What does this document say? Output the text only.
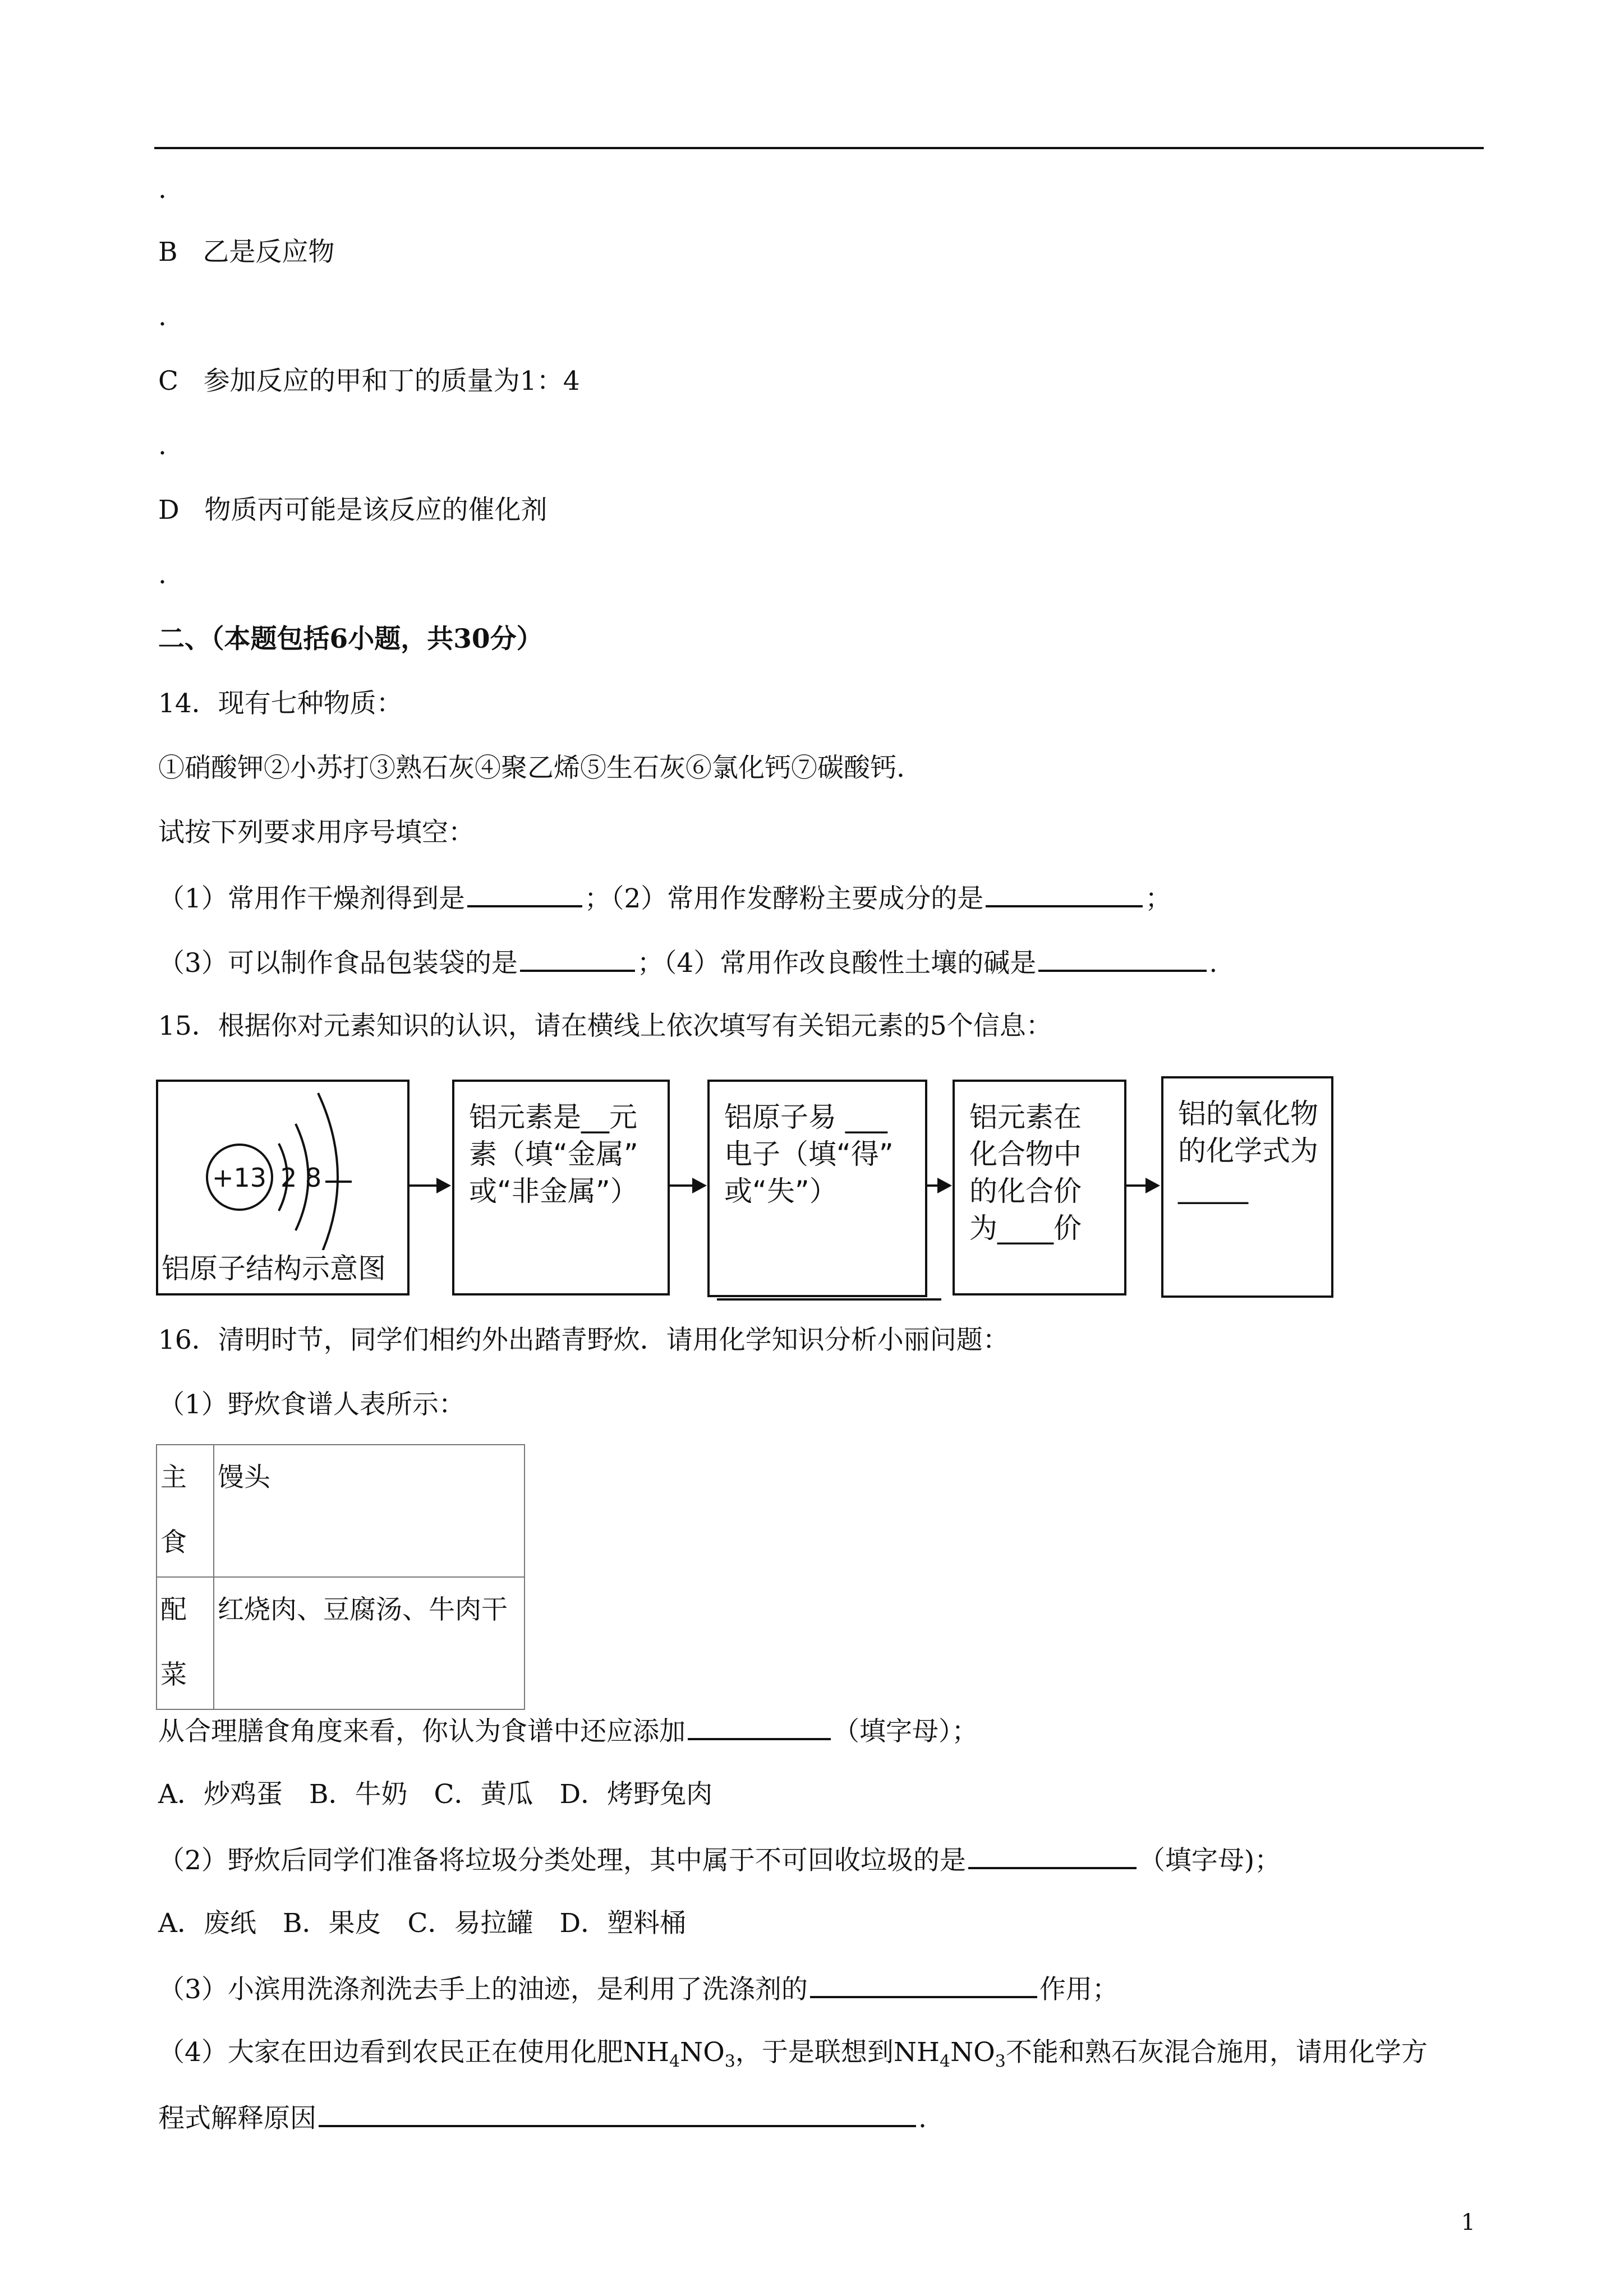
.
B 乙是反应物
.
C 参加反应的甲和丁的质量为1：4
.
D 物质丙可能是该反应的催化剂
.
二、（本题包括6小题，共30分）
14．现有七种物质：
①硝酸钾②小苏打③熟石灰④聚乙烯⑤生石灰⑥氯化钙⑦碳酸钙.
试按下列要求用序号填空：
（1）常用作干燥剂得到是	；（2）常用作发酵粉主要成分的是	；
（3）可以制作食品包装袋的是	；（4）常用作改良酸性土壤的碱是	.
15．根据你对元素知识的认识，请在横线上依次填写有关铝元素的5个信息：
+13 2 8
铝原子结构示意图
铝元素是__元
素（填“金属”
或“非金属”）
铝原子易 ___
电子（填“得”
或“失”）
铝元素在
化合物中
的化合价
为____价
铝的氧化物
的化学式为
_____
16．清明时节，同学们相约外出踏青野炊．请用化学知识分析小丽问题：
（1）野炊食谱人表所示：
主
食	馒头
配
菜	红烧肉、豆腐汤、牛肉干
从合理膳食角度来看，你认为食谱中还应添加	（填字母）；
A．炒鸡蛋　B．牛奶　C．黄瓜　D．烤野兔肉
（2）野炊后同学们准备将垃圾分类处理，其中属于不可回收垃圾的是	（填字母)；
A．废纸　B．果皮　C．易拉罐　D．塑料桶
（3）小滨用洗涤剂洗去手上的油迹，是利用了洗涤剂的	作用；
（4）大家在田边看到农民正在使用化肥$NH_4NO_3$，于是联想到$NH_4NO_3$不能和熟石灰混合施用，请用化学方
程式解释原因	.
1
